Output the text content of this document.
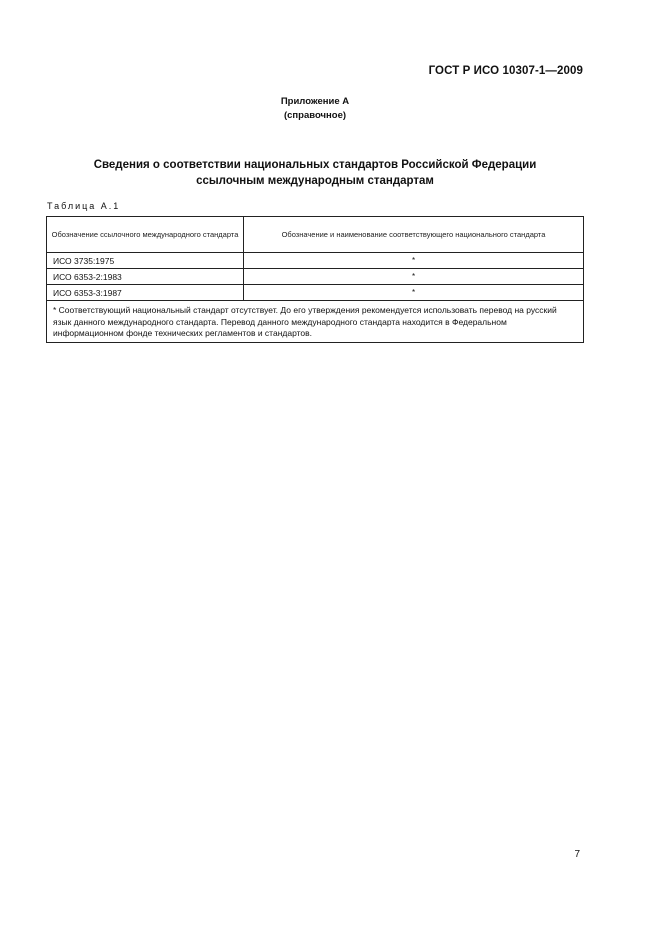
ГОСТ Р ИСО 10307-1—2009
Приложение А
(справочное)
Сведения о соответствии национальных стандартов Российской Федерации
ссылочным международным стандартам
Таблица А.1
Обозначение ссылочного международного стандарта	Обозначение и наименование соответствующего национального стандарта
ИСО 3735:1975	*
ИСО 6353-2:1983	*
ИСО 6353-3:1987	*
* Соответствующий национальный стандарт отсутствует. До его утверждения рекомендуется использовать перевод на русский язык данного международного стандарта. Перевод данного международного стандарта находится в Федеральном информационном фонде технических регламентов и стандартов.	
7
